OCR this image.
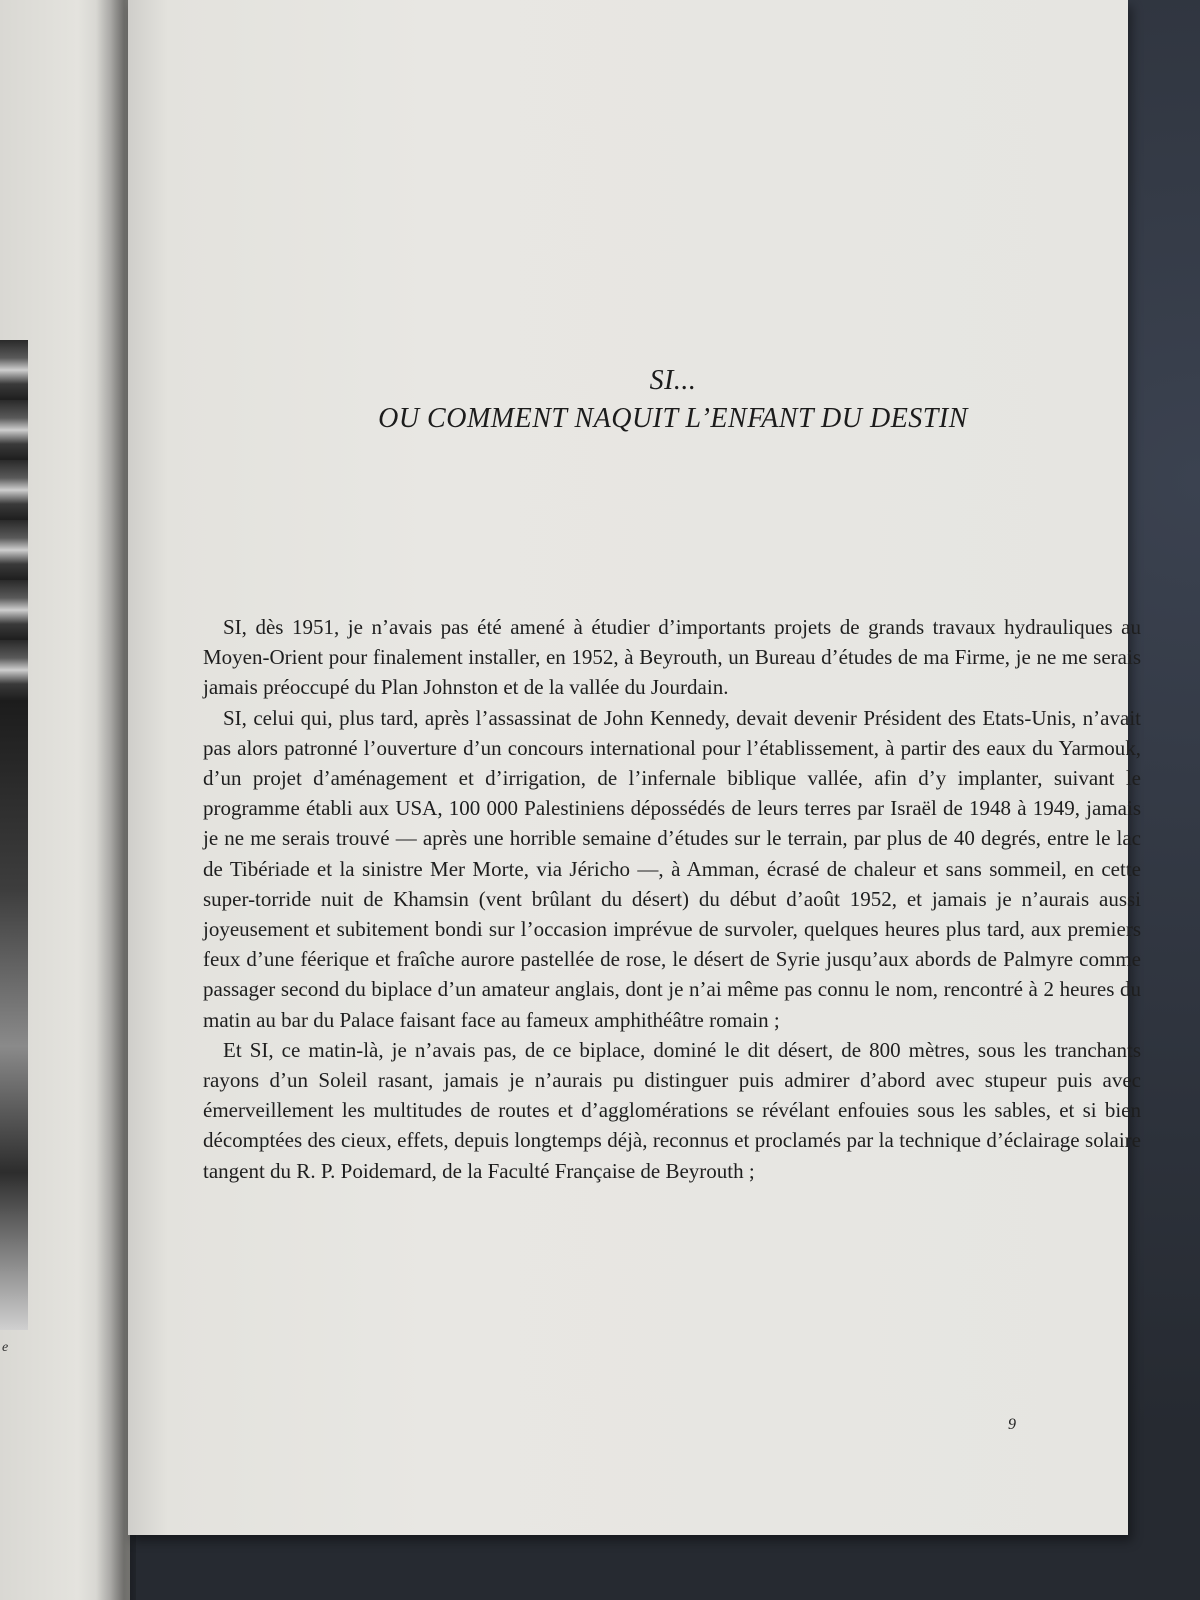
e
SI...
OU COMMENT NAQUIT L’ENFANT DU DESTIN

SI, dès 1951, je n’avais pas été amené à étudier d’importants projets de grands travaux hydrauliques au Moyen-Orient pour finalement installer, en 1952, à Beyrouth, un Bureau d’études de ma Firme, je ne me serais jamais préoccupé du Plan Johnston et de la vallée du Jourdain.

SI, celui qui, plus tard, après l’assassinat de John Kennedy, devait devenir Président des Etats-Unis, n’avait pas alors patronné l’ouverture d’un concours international pour l’établissement, à partir des eaux du Yarmouk, d’un projet d’aménagement et d’irrigation, de l’infernale biblique vallée, afin d’y implanter, suivant le programme établi aux USA, 100 000 Palestiniens dépossédés de leurs terres par Israël de 1948 à 1949, jamais je ne me serais trouvé — après une horrible semaine d’études sur le terrain, par plus de 40 degrés, entre le lac de Tibériade et la sinistre Mer Morte, via Jéricho —, à Amman, écrasé de chaleur et sans sommeil, en cette super-torride nuit de Khamsin (vent brûlant du désert) du début d’août 1952, et jamais je n’aurais aussi joyeusement et subitement bondi sur l’occasion imprévue de survoler, quelques heures plus tard, aux premiers feux d’une féerique et fraîche aurore pastellée de rose, le désert de Syrie jusqu’aux abords de Palmyre comme passager second du biplace d’un amateur anglais, dont je n’ai même pas connu le nom, rencontré à 2 heures du matin au bar du Palace faisant face au fameux amphithéâtre romain ;

Et SI, ce matin-là, je n’avais pas, de ce biplace, dominé le dit désert, de 800 mètres, sous les tranchants rayons d’un Soleil rasant, jamais je n’aurais pu distinguer puis admirer d’abord avec stupeur puis avec émerveillement les multitudes de routes et d’agglomérations se révélant enfouies sous les sables, et si bien décomptées des cieux, effets, depuis longtemps déjà, reconnus et proclamés par la technique d’éclairage solaire tangent du R. P. Poidemard, de la Faculté Française de Beyrouth ;

9
